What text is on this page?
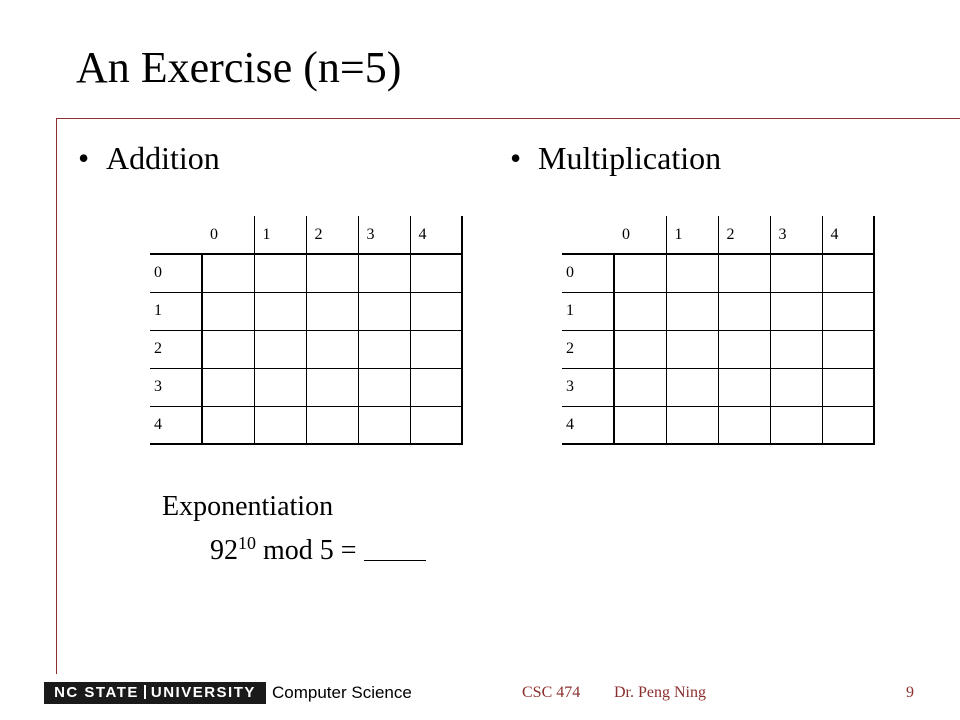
An Exercise (n=5)
• Addition	• Multiplication
	0	1	2	3	4
0					
1					
2					
3					
4					
	0	1	2	3	4
0					
1					
2					
3					
4					
Exponentiation
$92^{10}$ mod 5 =
NC STATE UNIVERSITY Computer Science	CSC 474 Dr. Peng Ning	9
